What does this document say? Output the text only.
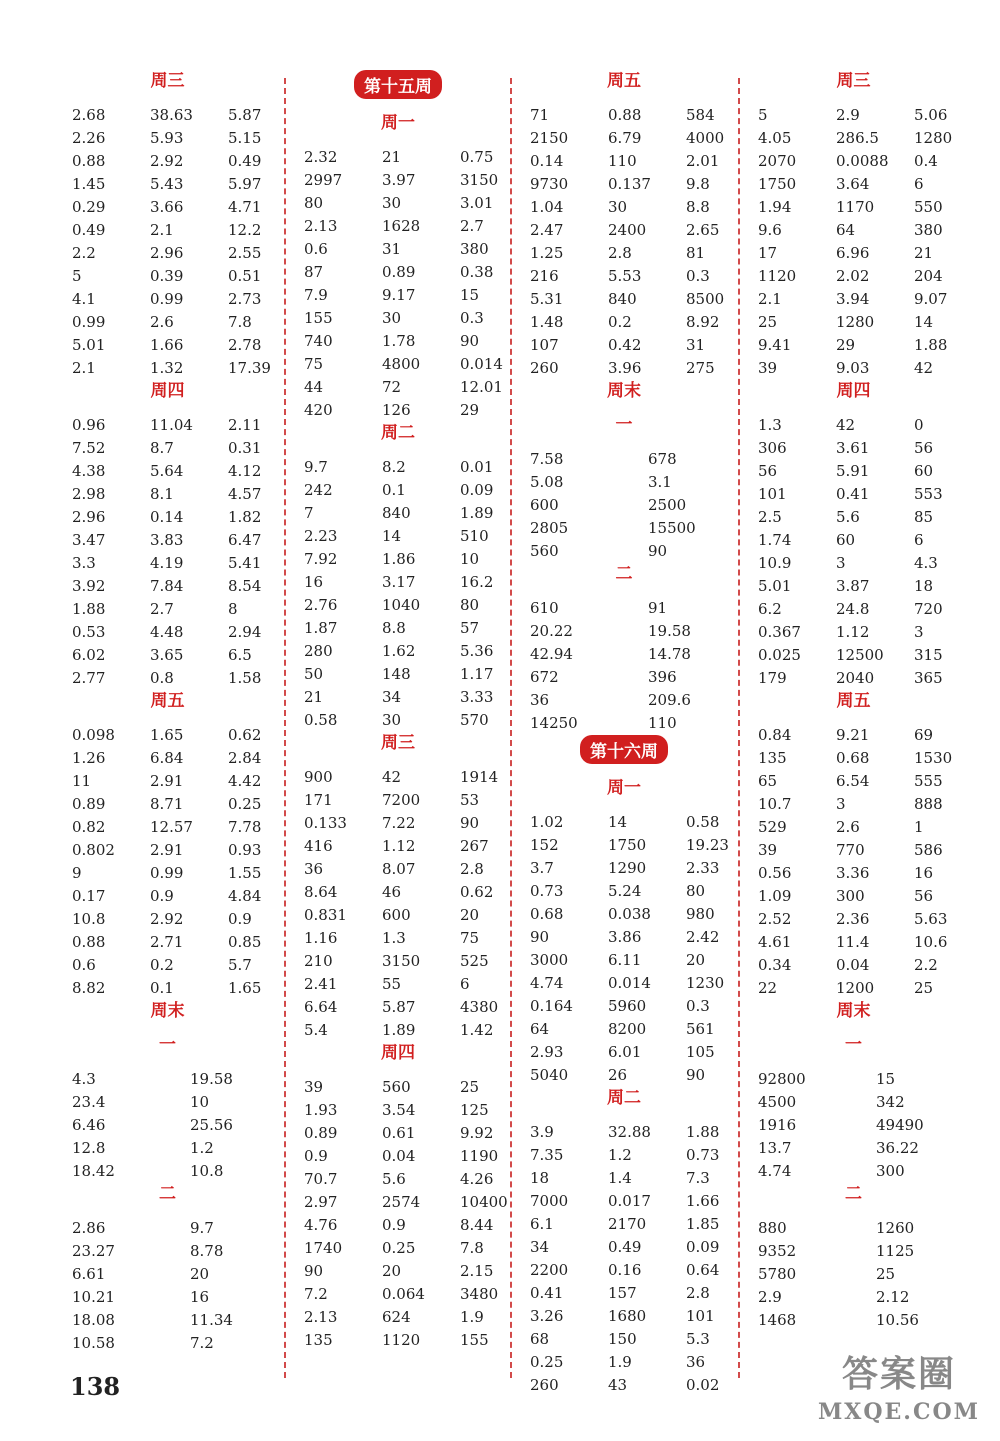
周三
2.68	38.63	5.87
2.26	5.93	5.15
0.88	2.92	0.49
1.45	5.43	5.97
0.29	3.66	4.71
0.49	2.1	12.2
2.2	2.96	2.55
5	0.39	0.51
4.1	0.99	2.73
0.99	2.6	7.8
5.01	1.66	2.78
2.1	1.32	17.39
周四
0.96	11.04	2.11
7.52	8.7	0.31
4.38	5.64	4.12
2.98	8.1	4.57
2.96	0.14	1.82
3.47	3.83	6.47
3.3	4.19	5.41
3.92	7.84	8.54
1.88	2.7	8
0.53	4.48	2.94
6.02	3.65	6.5
2.77	0.8	1.58
周五
0.098	1.65	0.62
1.26	6.84	2.84
11	2.91	4.42
0.89	8.71	0.25
0.82	12.57	7.78
0.802	2.91	0.93
9	0.99	1.55
0.17	0.9	4.84
10.8	2.92	0.9
0.88	2.71	0.85
0.6	0.2	5.7
8.82	0.1	1.65
周末
一
4.3	19.58
23.4	10
6.46	25.56
12.8	1.2
18.42	10.8
二
2.86	9.7
23.27	8.78
6.61	20
10.21	16
18.08	11.34
10.58	7.2
第十五周
周一
2.32	21	0.75
2997	3.97	3150
80	30	3.01
2.13	1628	2.7
0.6	31	380
87	0.89	0.38
7.9	9.17	15
155	30	0.3
740	1.78	90
75	4800	0.014
44	72	12.01
420	126	29
周二
9.7	8.2	0.01
242	0.1	0.09
7	840	1.89
2.23	14	510
7.92	1.86	10
16	3.17	16.2
2.76	1040	80
1.87	8.8	57
280	1.62	5.36
50	148	1.17
21	34	3.33
0.58	30	570
周三
900	42	1914
171	7200	53
0.133	7.22	90
416	1.12	267
36	8.07	2.8
8.64	46	0.62
0.831	600	20
1.16	1.3	75
210	3150	525
2.41	55	6
6.64	5.87	4380
5.4	1.89	1.42
周四
39	560	25
1.93	3.54	125
0.89	0.61	9.92
0.9	0.04	1190
70.7	5.6	4.26
2.97	2574	10400
4.76	0.9	8.44
1740	0.25	7.8
90	20	2.15
7.2	0.064	3480
2.13	624	1.9
135	1120	155
周五
71	0.88	584
2150	6.79	4000
0.14	110	2.01
9730	0.137	9.8
1.04	30	8.8
2.47	2400	2.65
1.25	2.8	81
216	5.53	0.3
5.31	840	8500
1.48	0.2	8.92
107	0.42	31
260	3.96	275
周末
一
7.58	678
5.08	3.1
600	2500
2805	15500
560	90
二
610	91
20.22	19.58
42.94	14.78
672	396
36	209.6
14250	110
第十六周
周一
1.02	14	0.58
152	1750	19.23
3.7	1290	2.33
0.73	5.24	80
0.68	0.038	980
90	3.86	2.42
3000	6.11	20
4.74	0.014	1230
0.164	5960	0.3
64	8200	561
2.93	6.01	105
5040	26	90
周二
3.9	32.88	1.88
7.35	1.2	0.73
18	1.4	7.3
7000	0.017	1.66
6.1	2170	1.85
34	0.49	0.09
2200	0.16	0.64
0.41	157	2.8
3.26	1680	101
68	150	5.3
0.25	1.9	36
260	43	0.02
周三
5	2.9	5.06
4.05	286.5	1280
2070	0.0088	0.4
1750	3.64	6
1.94	1170	550
9.6	64	380
17	6.96	21
1120	2.02	204
2.1	3.94	9.07
25	1280	14
9.41	29	1.88
39	9.03	42
周四
1.3	42	0
306	3.61	56
56	5.91	60
101	0.41	553
2.5	5.6	85
1.74	60	6
10.9	3	4.3
5.01	3.87	18
6.2	24.8	720
0.367	1.12	3
0.025	12500	315
179	2040	365
周五
0.84	9.21	69
135	0.68	1530
65	6.54	555
10.7	3	888
529	2.6	1
39	770	586
0.56	3.36	16
1.09	300	56
2.52	2.36	5.63
4.61	11.4	10.6
0.34	0.04	2.2
22	1200	25
周末
一
92800	15
4500	342
1916	49490
13.7	36.22
4.74	300
二
880	1260
9352	1125
5780	25
2.9	2.12
1468	10.56
138	答案圈
MXQE.COM
